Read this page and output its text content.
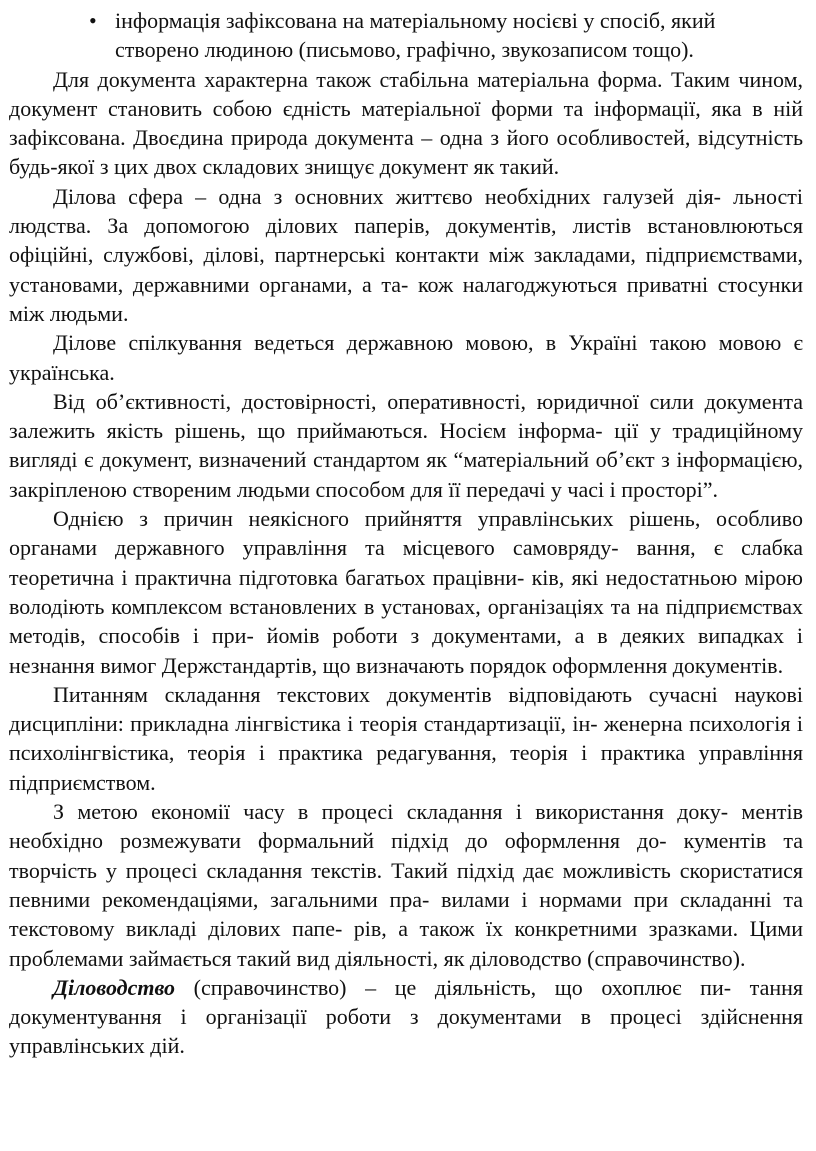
• інформація зафіксована на матеріальному носієві у спосіб, який створено людиною (письмово, графічно, звукозаписом тощо).

Для документа характерна також стабільна матеріальна форма. Таким чином, документ становить собою єдність матеріальної форми та інформації, яка в ній зафіксована. Двоєдина природа документа – одна з його особливостей, відсутність будь-якої з цих двох складових знищує документ як такий.

Ділова сфера – одна з основних життєво необхідних галузей дія- льності людства. За допомогою ділових паперів, документів, листів встановлюються офіційні, службові, ділові, партнерські контакти між закладами, підприємствами, установами, державними органами, а та- кож налагоджуються приватні стосунки між людьми.

Ділове спілкування ведеться державною мовою, в Україні такою мовою є українська.

Від об’єктивності, достовірності, оперативності, юридичної сили документа залежить якість рішень, що приймаються. Носієм інформа- ції у традиційному вигляді є документ, визначений стандартом як “матеріальний об’єкт з інформацією, закріпленою створеним людьми способом для її передачі у часі і просторі”.

Однією з причин неякісного прийняття управлінських рішень, особливо органами державного управління та місцевого самовряду- вання, є слабка теоретична і практична підготовка багатьох працівни- ків, які недостатньою мірою володіють комплексом встановлених в установах, організаціях та на підприємствах методів, способів і при- йомів роботи з документами, а в деяких випадках і незнання вимог Держстандартів, що визначають порядок оформлення документів.

Питанням складання текстових документів відповідають сучасні наукові дисципліни: прикладна лінгвістика і теорія стандартизації, ін- женерна психологія і психолінгвістика, теорія і практика редагування, теорія і практика управління підприємством.

З метою економії часу в процесі складання і використання доку- ментів необхідно розмежувати формальний підхід до оформлення до- кументів та творчість у процесі складання текстів. Такий підхід дає можливість скористатися певними рекомендаціями, загальними пра- вилами і нормами при складанні та текстовому викладі ділових папе- рів, а також їх конкретними зразками. Цими проблемами займається такий вид діяльності, як діловодство (справочинство).

Діловодство (справочинство) – це діяльність, що охоплює пи- тання документування і організації роботи з документами в процесі здійснення управлінських дій.
